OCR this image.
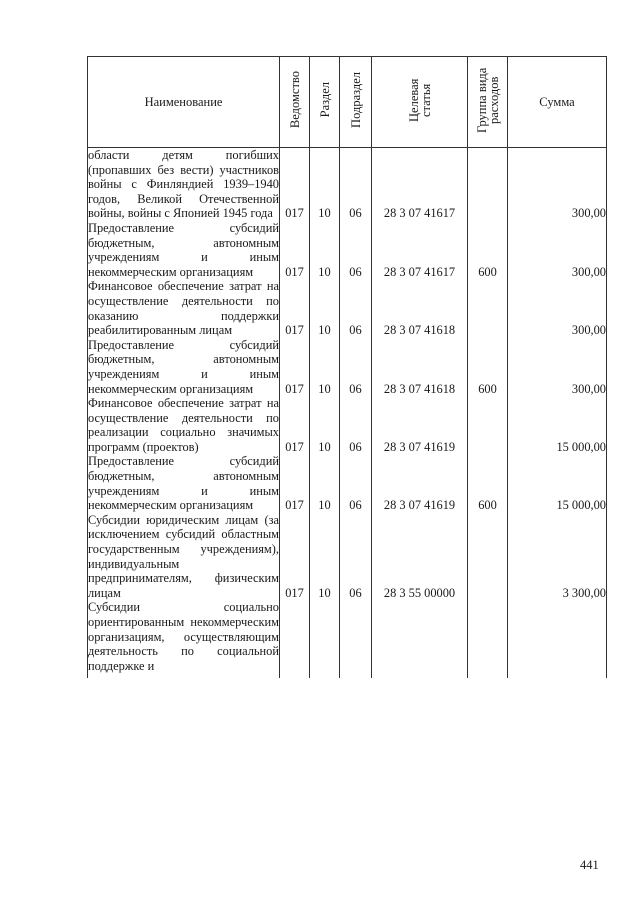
Наименование	Ведомство	Раздел	Подраздел	Целевая статья	Группа вида расходов	Сумма
области детям погибших (пропавших без вести) участников войны с Финляндией 1939–1940 годов, Великой Отечественной войны, войны с Японией 1945 года	017	10	06	28 3 07 41617		300,00
Предоставление субсидий бюджетным, автономным учреждениям и иным некоммерческим организациям	017	10	06	28 3 07 41617	600	300,00
Финансовое обеспечение затрат на осуществление деятельности по оказанию поддержки реабилитированным лицам	017	10	06	28 3 07 41618		300,00
Предоставление субсидий бюджетным, автономным учреждениям и иным некоммерческим организациям	017	10	06	28 3 07 41618	600	300,00
Финансовое обеспечение затрат на осуществление деятельности по реализации социально значимых программ (проектов)	017	10	06	28 3 07 41619		15 000,00
Предоставление субсидий бюджетным, автономным учреждениям и иным некоммерческим организациям	017	10	06	28 3 07 41619	600	15 000,00
Субсидии юридическим лицам (за исключением субсидий областным государственным учреждениям), индивидуальным предпринимателям, физическим лицам	017	10	06	28 3 55 00000		3 300,00
Субсидии социально ориентированным некоммерческим организациям, осуществляющим деятельность по социальной поддержке и						
441
